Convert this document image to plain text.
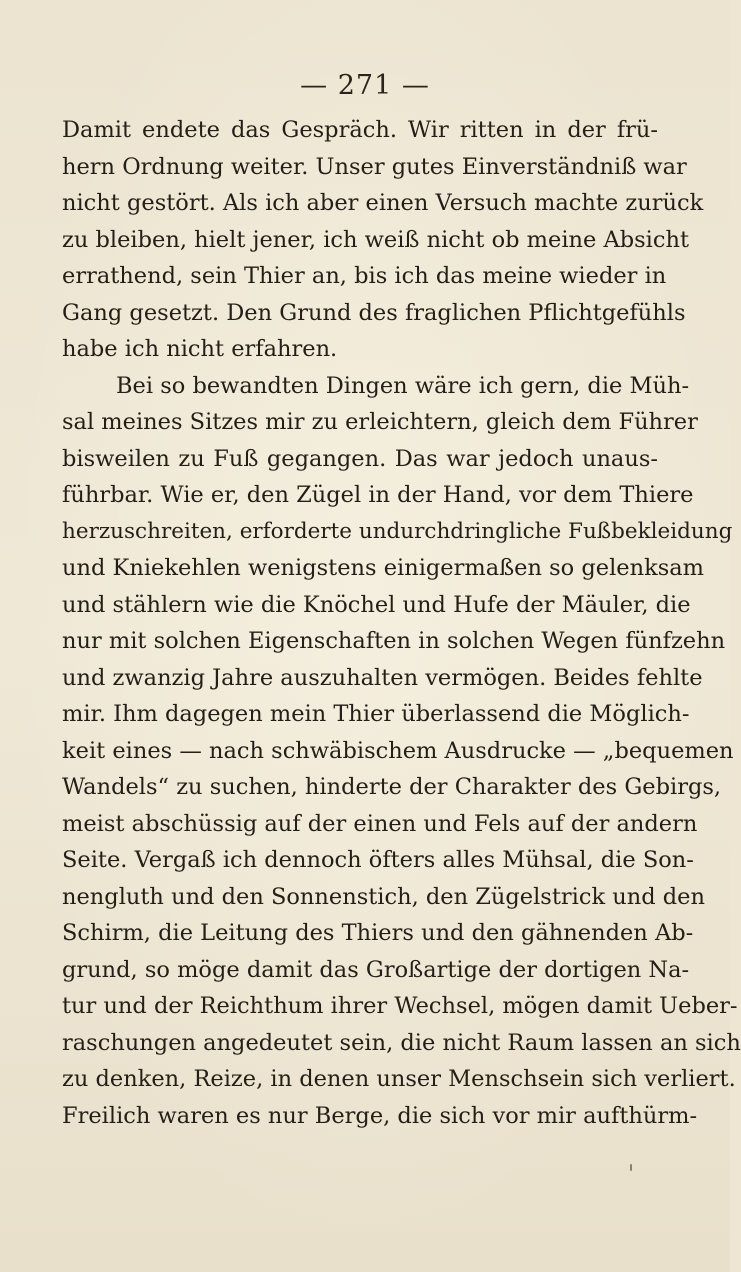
— 271 —

Damit endete das Gespräch. Wir ritten in der frü-
hern Ordnung weiter. Unser gutes Einverständniß war
nicht gestört. Als ich aber einen Versuch machte zurück
zu bleiben, hielt jener, ich weiß nicht ob meine Absicht
errathend, sein Thier an, bis ich das meine wieder in
Gang gesetzt. Den Grund des fraglichen Pflichtgefühls
habe ich nicht erfahren.
Bei so bewandten Dingen wäre ich gern, die Müh-
sal meines Sitzes mir zu erleichtern, gleich dem Führer
bisweilen zu Fuß gegangen. Das war jedoch unaus-
führbar. Wie er, den Zügel in der Hand, vor dem Thiere
herzuschreiten, erforderte undurchdringliche Fußbekleidung
und Kniekehlen wenigstens einigermaßen so gelenksam
und stählern wie die Knöchel und Hufe der Mäuler, die
nur mit solchen Eigenschaften in solchen Wegen fünfzehn
und zwanzig Jahre auszuhalten vermögen. Beides fehlte
mir. Ihm dagegen mein Thier überlassend die Möglich-
keit eines — nach schwäbischem Ausdrucke — „bequemen
Wandels“ zu suchen, hinderte der Charakter des Gebirgs,
meist abschüssig auf der einen und Fels auf der andern
Seite. Vergaß ich dennoch öfters alles Mühsal, die Son-
nengluth und den Sonnenstich, den Zügelstrick und den
Schirm, die Leitung des Thiers und den gähnenden Ab-
grund, so möge damit das Großartige der dortigen Na-
tur und der Reichthum ihrer Wechsel, mögen damit Ueber-
raschungen angedeutet sein, die nicht Raum lassen an sich
zu denken, Reize, in denen unser Menschsein sich verliert.
Freilich waren es nur Berge, die sich vor mir aufthürm-
